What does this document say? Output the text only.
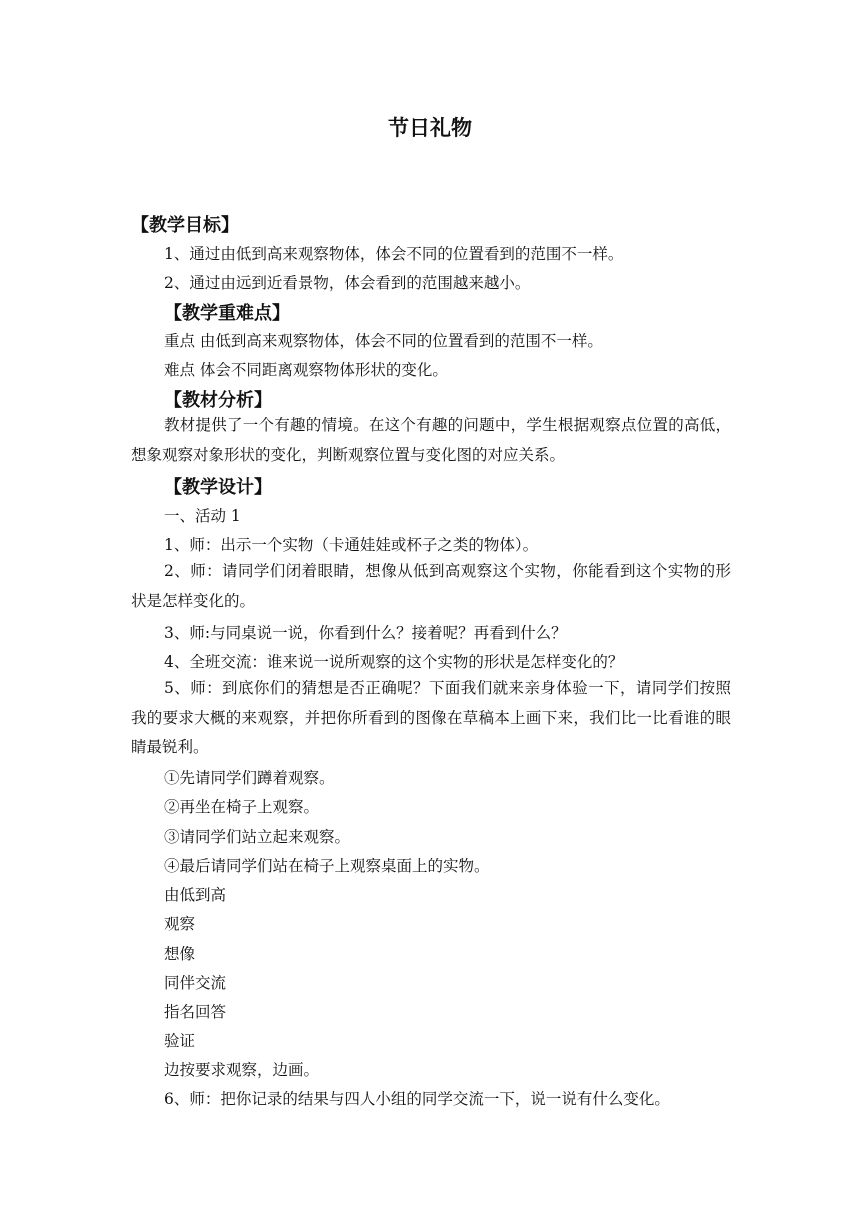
节日礼物
【教学目标】
1、通过由低到高来观察物体，体会不同的位置看到的范围不一样。
2、通过由远到近看景物，体会看到的范围越来越小。
【教学重难点】
重点 由低到高来观察物体，体会不同的位置看到的范围不一样。
难点 体会不同距离观察物体形状的变化。
【教材分析】
教材提供了一个有趣的情境。在这个有趣的问题中，学生根据观察点位置的高低，想象观察对象形状的变化，判断观察位置与变化图的对应关系。
【教学设计】
一、活动 1
1、师：出示一个实物（卡通娃娃或杯子之类的物体）。
2、师：请同学们闭着眼睛，想像从低到高观察这个实物，你能看到这个实物的形状是怎样变化的。
3、师:与同桌说一说，你看到什么？接着呢？再看到什么？
4、全班交流：谁来说一说所观察的这个实物的形状是怎样变化的？
5、师：到底你们的猜想是否正确呢？下面我们就来亲身体验一下，请同学们按照我的要求大概的来观察，并把你所看到的图像在草稿本上画下来，我们比一比看谁的眼睛最锐利。
①先请同学们蹲着观察。
②再坐在椅子上观察。
③请同学们站立起来观察。
④最后请同学们站在椅子上观察桌面上的实物。
由低到高
观察
想像
同伴交流
指名回答
验证
边按要求观察，边画。
6、师：把你记录的结果与四人小组的同学交流一下，说一说有什么变化。
